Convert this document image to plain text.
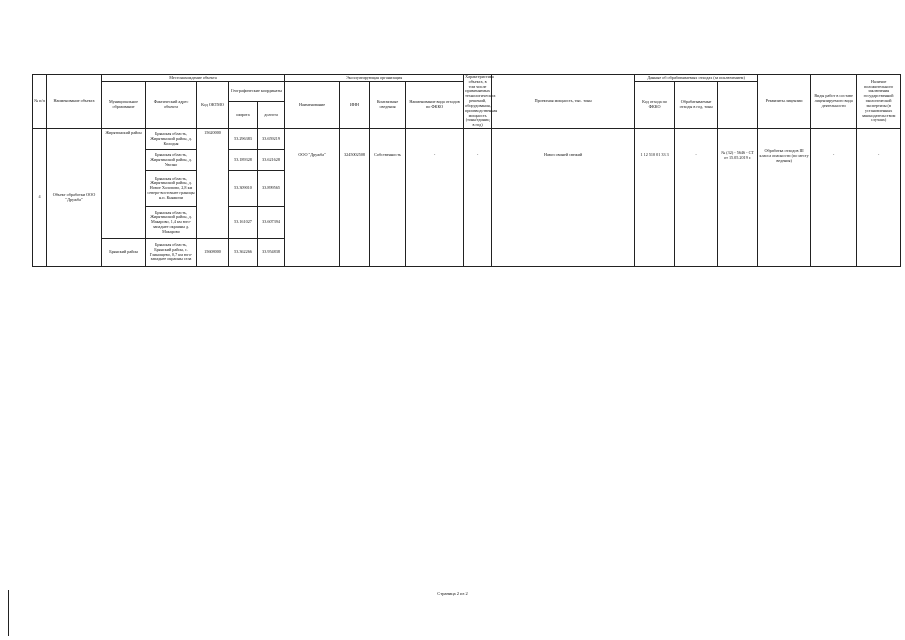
№ п/п	Наименование объекта	Местонахождение объекта					Эксплуатирующая организация				Характеристика объекта, в том числе применяемых технологических решений, оборудования, производственная мощность (тонн/единиц в год)	Проектная мощность, тыс. тонн	Данные об обрабатываемых отходах (за исключением)			Реквизиты лицензии	Виды работ в составе лицензируемого вида деятельности	Наличие положительного заключения государственной экологической экспертизы (в установленных законодательством случаях)	
		Муниципальное образование	Фактический адрес объекта	Код ОКТМО	Географические координаты		Наименование	ИНН	Контактные сведения	Наименование вида отходов по ФККО			Код отхода по ФККО	Обрабатываемые отходы в год, тонн					
					широта	долгота													
4	Объект обработки ООО "Дружба"	Жирятинский район	Брянская область, Жирятинский район, д. Колодня	15620000	53.296383	33.659219	ООО "Дружба"	3245002508	Собственность	-	-	Навоз свиней свежий	1 12 510 01 33 3	-	№ (32) - 5646 - СТ от 15.05.2019 г.	Обработка отходов III класса опасности (по месту ведения)	-	-	
			Брянская область, Жирятинский район, д. Увозно		53.189328	33.621628													
			Брянская область, Жирятинский район, д. Новое Холопово, 2,8 км северо-восточнее границы н.п. Княжичи		53.309010	33.899565													
			Брянская область, Жирятинский район, д. Макарово, 1,4 км юго-западнее окраины д. Макарово		53.161027	33.607394													
		Брянский район	Брянская область, Брянский район, с. Глинищево, 0,7 км юго-западнее окраины села	15608000	53.362266	33.954838													
Страница 2 из 2
